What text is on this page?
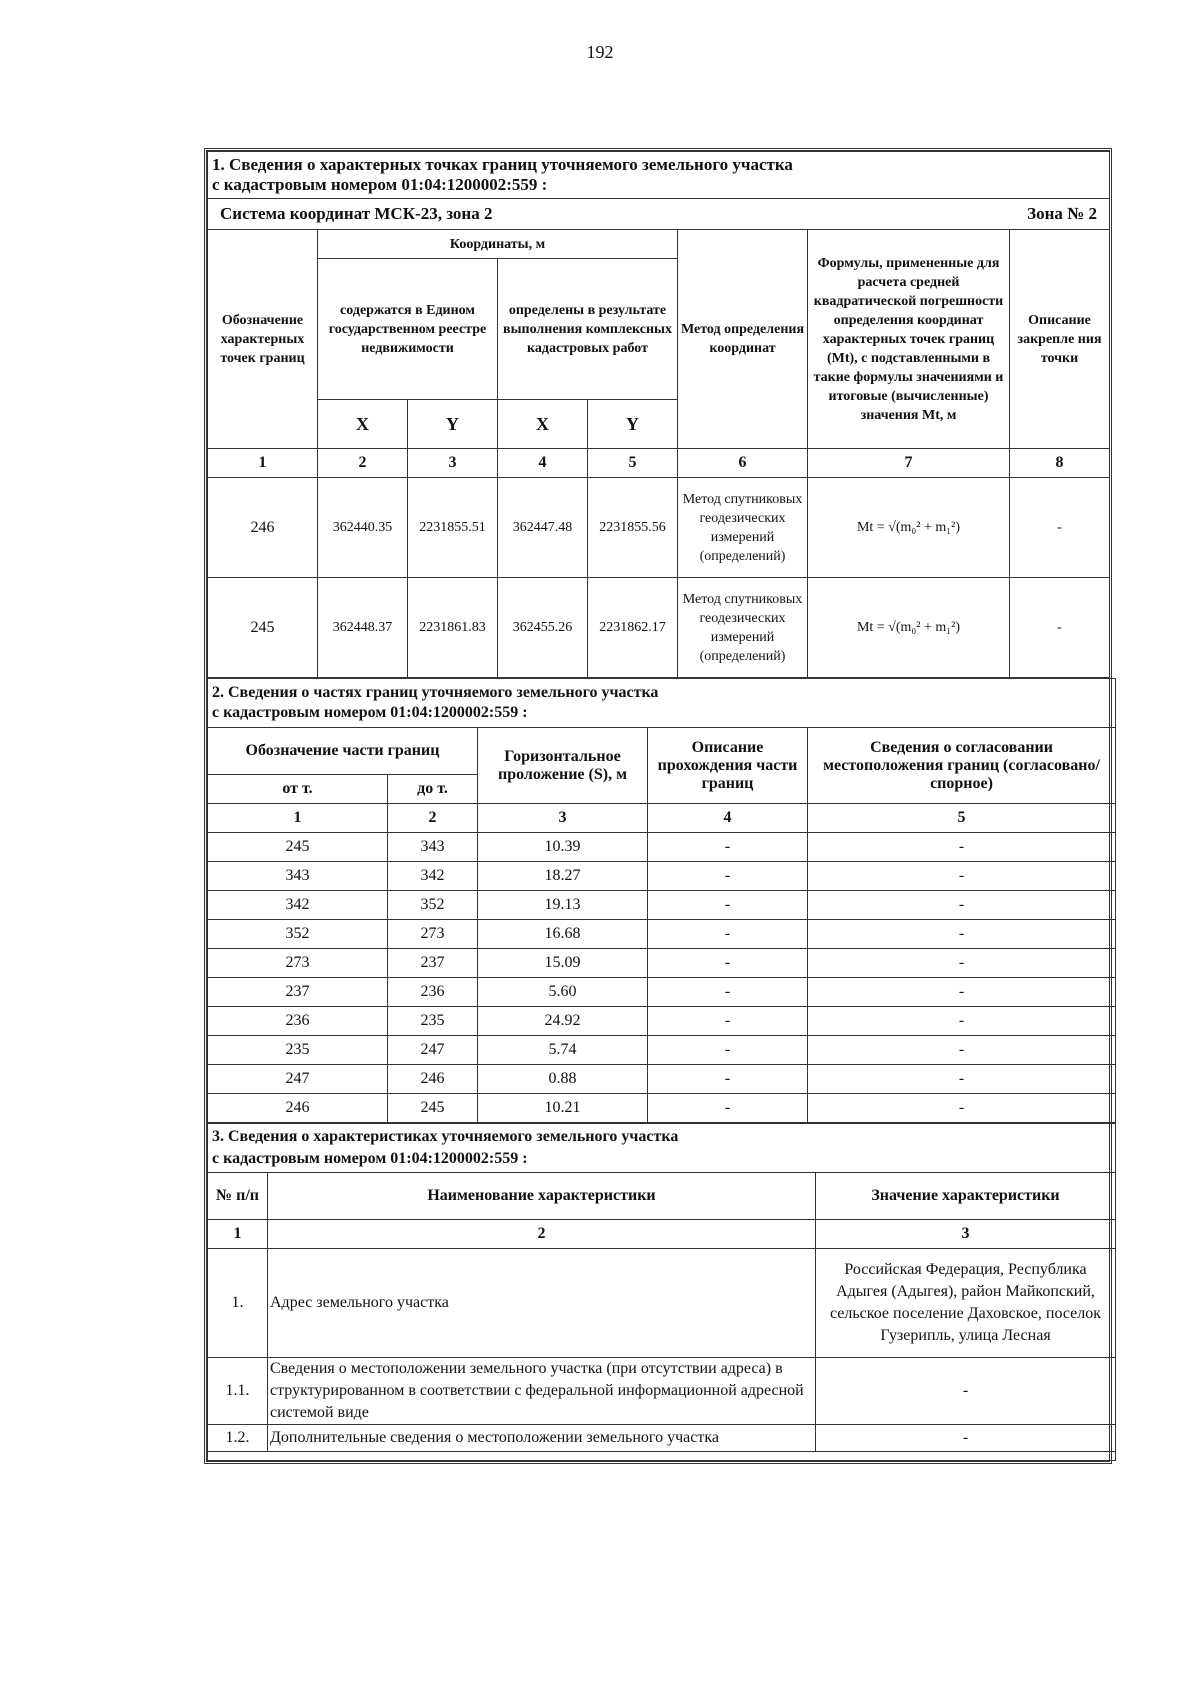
192
1. Сведения о характерных точках границ уточняемого земельного участка
с кадастровым номером 01:04:1200002:559 :							

Система координат МСК-23, зона 2 Зона № 2							

Обозначение характерных точек границ	Координаты, м				Метод определения координат	Формулы, примененные для расчета средней квадратической погрешности определения координат характерных точек границ (Mt), с подставленными в такие формулы значениями и итоговые (вычисленные) значения Mt, м	Описание закрепле ния точки
	содержатся в Едином государственном реестре недвижимости		определены в результате выполнения комплексных кадастровых работ				
	X	Y	X	Y			
1	2	3	4	5	6	7	8
246	362440.35	2231855.51	362447.48	2231855.56	Метод спутниковых геодезических измерений (определений)	Mt = √(m₀² + m₁²)	-
245	362448.37	2231861.83	362455.26	2231862.17	Метод спутниковых геодезических измерений (определений)	Mt = √(m₀² + m₁²)	-
2. Сведения о частях границ уточняемого земельного участка
с кадастровым номером 01:04:1200002:559 :				

Обозначение части границ		Горизонтальное проложение (S), м	Описание прохождения части границ	Сведения о согласовании местоположения границ (согласовано/спорное)
от т.	до т.			
1	2	3	4	5
245	343	10.39	-	-
343	342	18.27	-	-
342	352	19.13	-	-
352	273	16.68	-	-
273	237	15.09	-	-
237	236	5.60	-	-
236	235	24.92	-	-
235	247	5.74	-	-
247	246	0.88	-	-
246	245	10.21	-	-
3. Сведения о характеристиках уточняемого земельного участка
с кадастровым номером 01:04:1200002:559 :		

№ п/п	Наименование характеристики	Значение характеристики
1	2	3
1.	Адрес земельного участка	Российская Федерация, Республика Адыгея (Адыгея), район Майкопский, сельское поселение Даховское, поселок Гузерипль, улица Лесная
1.1.	Сведения о местоположении земельного участка (при отсутствии адреса) в структурированном в соответствии с федеральной информационной адресной системой виде	-
1.2.	Дополнительные сведения о местоположении земельного участка	-
